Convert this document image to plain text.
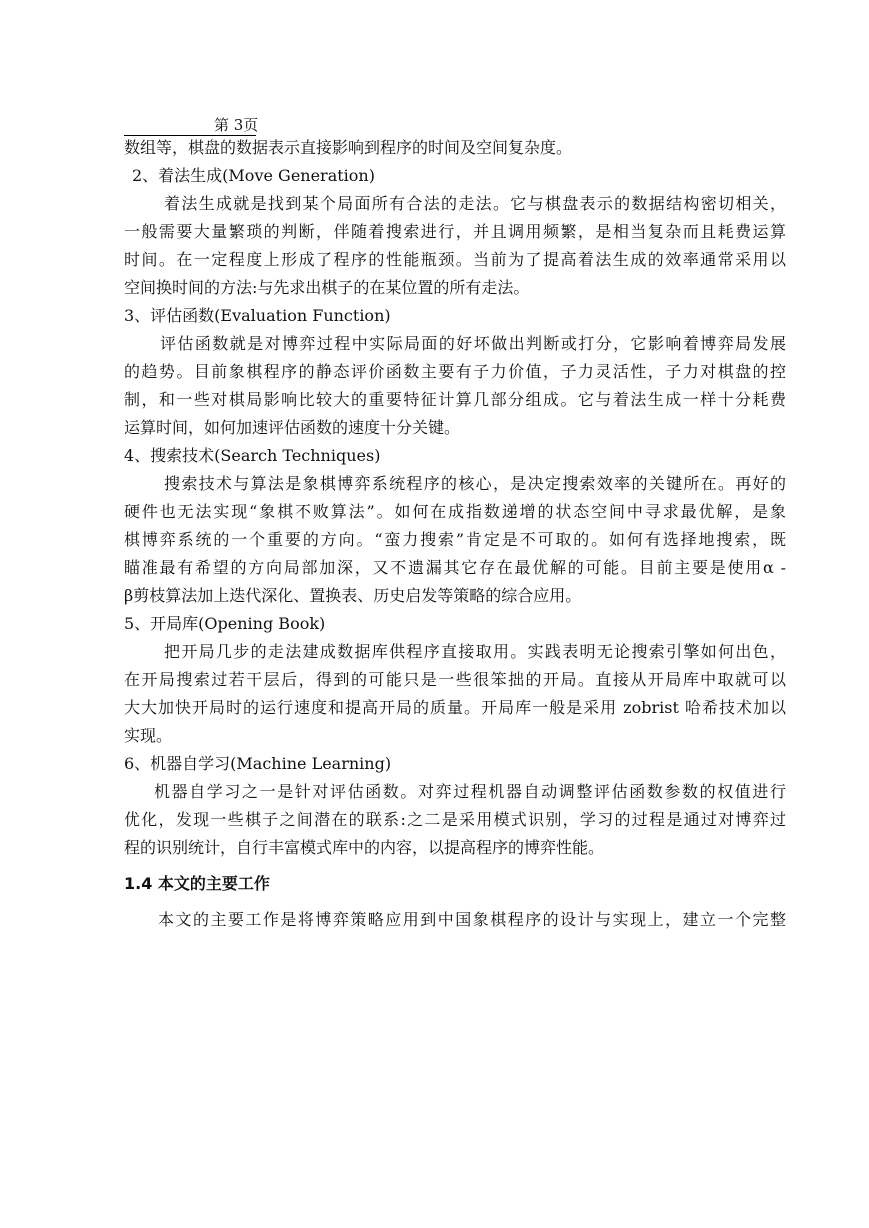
第 3页
数组等，棋盘的数据表示直接影响到程序的时间及空间复杂度。
2、着法生成(Move Generation)
着法生成就是找到某个局面所有合法的走法。它与棋盘表示的数据结构密切相关，
一般需要大量繁琐的判断，伴随着搜索进行，并且调用频繁，是相当复杂而且耗费运算
时间。在一定程度上形成了程序的性能瓶颈。当前为了提高着法生成的效率通常采用以
空间换时间的方法:与先求出棋子的在某位置的所有走法。
3、评估函数(Evaluation Function)
评估函数就是对博弈过程中实际局面的好坏做出判断或打分，它影响着博弈局发展
的趋势。目前象棋程序的静态评价函数主要有子力价值，子力灵活性，子力对棋盘的控
制，和一些对棋局影响比较大的重要特征计算几部分组成。它与着法生成一样十分耗费
运算时间，如何加速评估函数的速度十分关键。
4、搜索技术(Search Techniques)
搜索技术与算法是象棋博弈系统程序的核心，是决定搜索效率的关键所在。再好的
硬件也无法实现“象棋不败算法”。如何在成指数递增的状态空间中寻求最优解，是象
棋博弈系统的一个重要的方向。“蛮力搜索”肯定是不可取的。如何有选择地搜索，既
瞄准最有希望的方向局部加深，又不遗漏其它存在最优解的可能。目前主要是使用α -
β剪枝算法加上迭代深化、置换表、历史启发等策略的综合应用。
5、开局库(Opening Book)
把开局几步的走法建成数据库供程序直接取用。实践表明无论搜索引擎如何出色，
在开局搜索过若干层后，得到的可能只是一些很笨拙的开局。直接从开局库中取就可以
大大加快开局时的运行速度和提高开局的质量。开局库一般是采用 zobrist 哈希技术加以
实现。
6、机器自学习(Machine Learning)
机器自学习之一是针对评估函数。对弈过程机器自动调整评估函数参数的权值进行
优化，发现一些棋子之间潜在的联系:之二是采用模式识别，学习的过程是通过对博弈过
程的识别统计，自行丰富模式库中的内容，以提高程序的博弈性能。
1.4 本文的主要工作
本文的主要工作是将博弈策略应用到中国象棋程序的设计与实现上，建立一个完整
